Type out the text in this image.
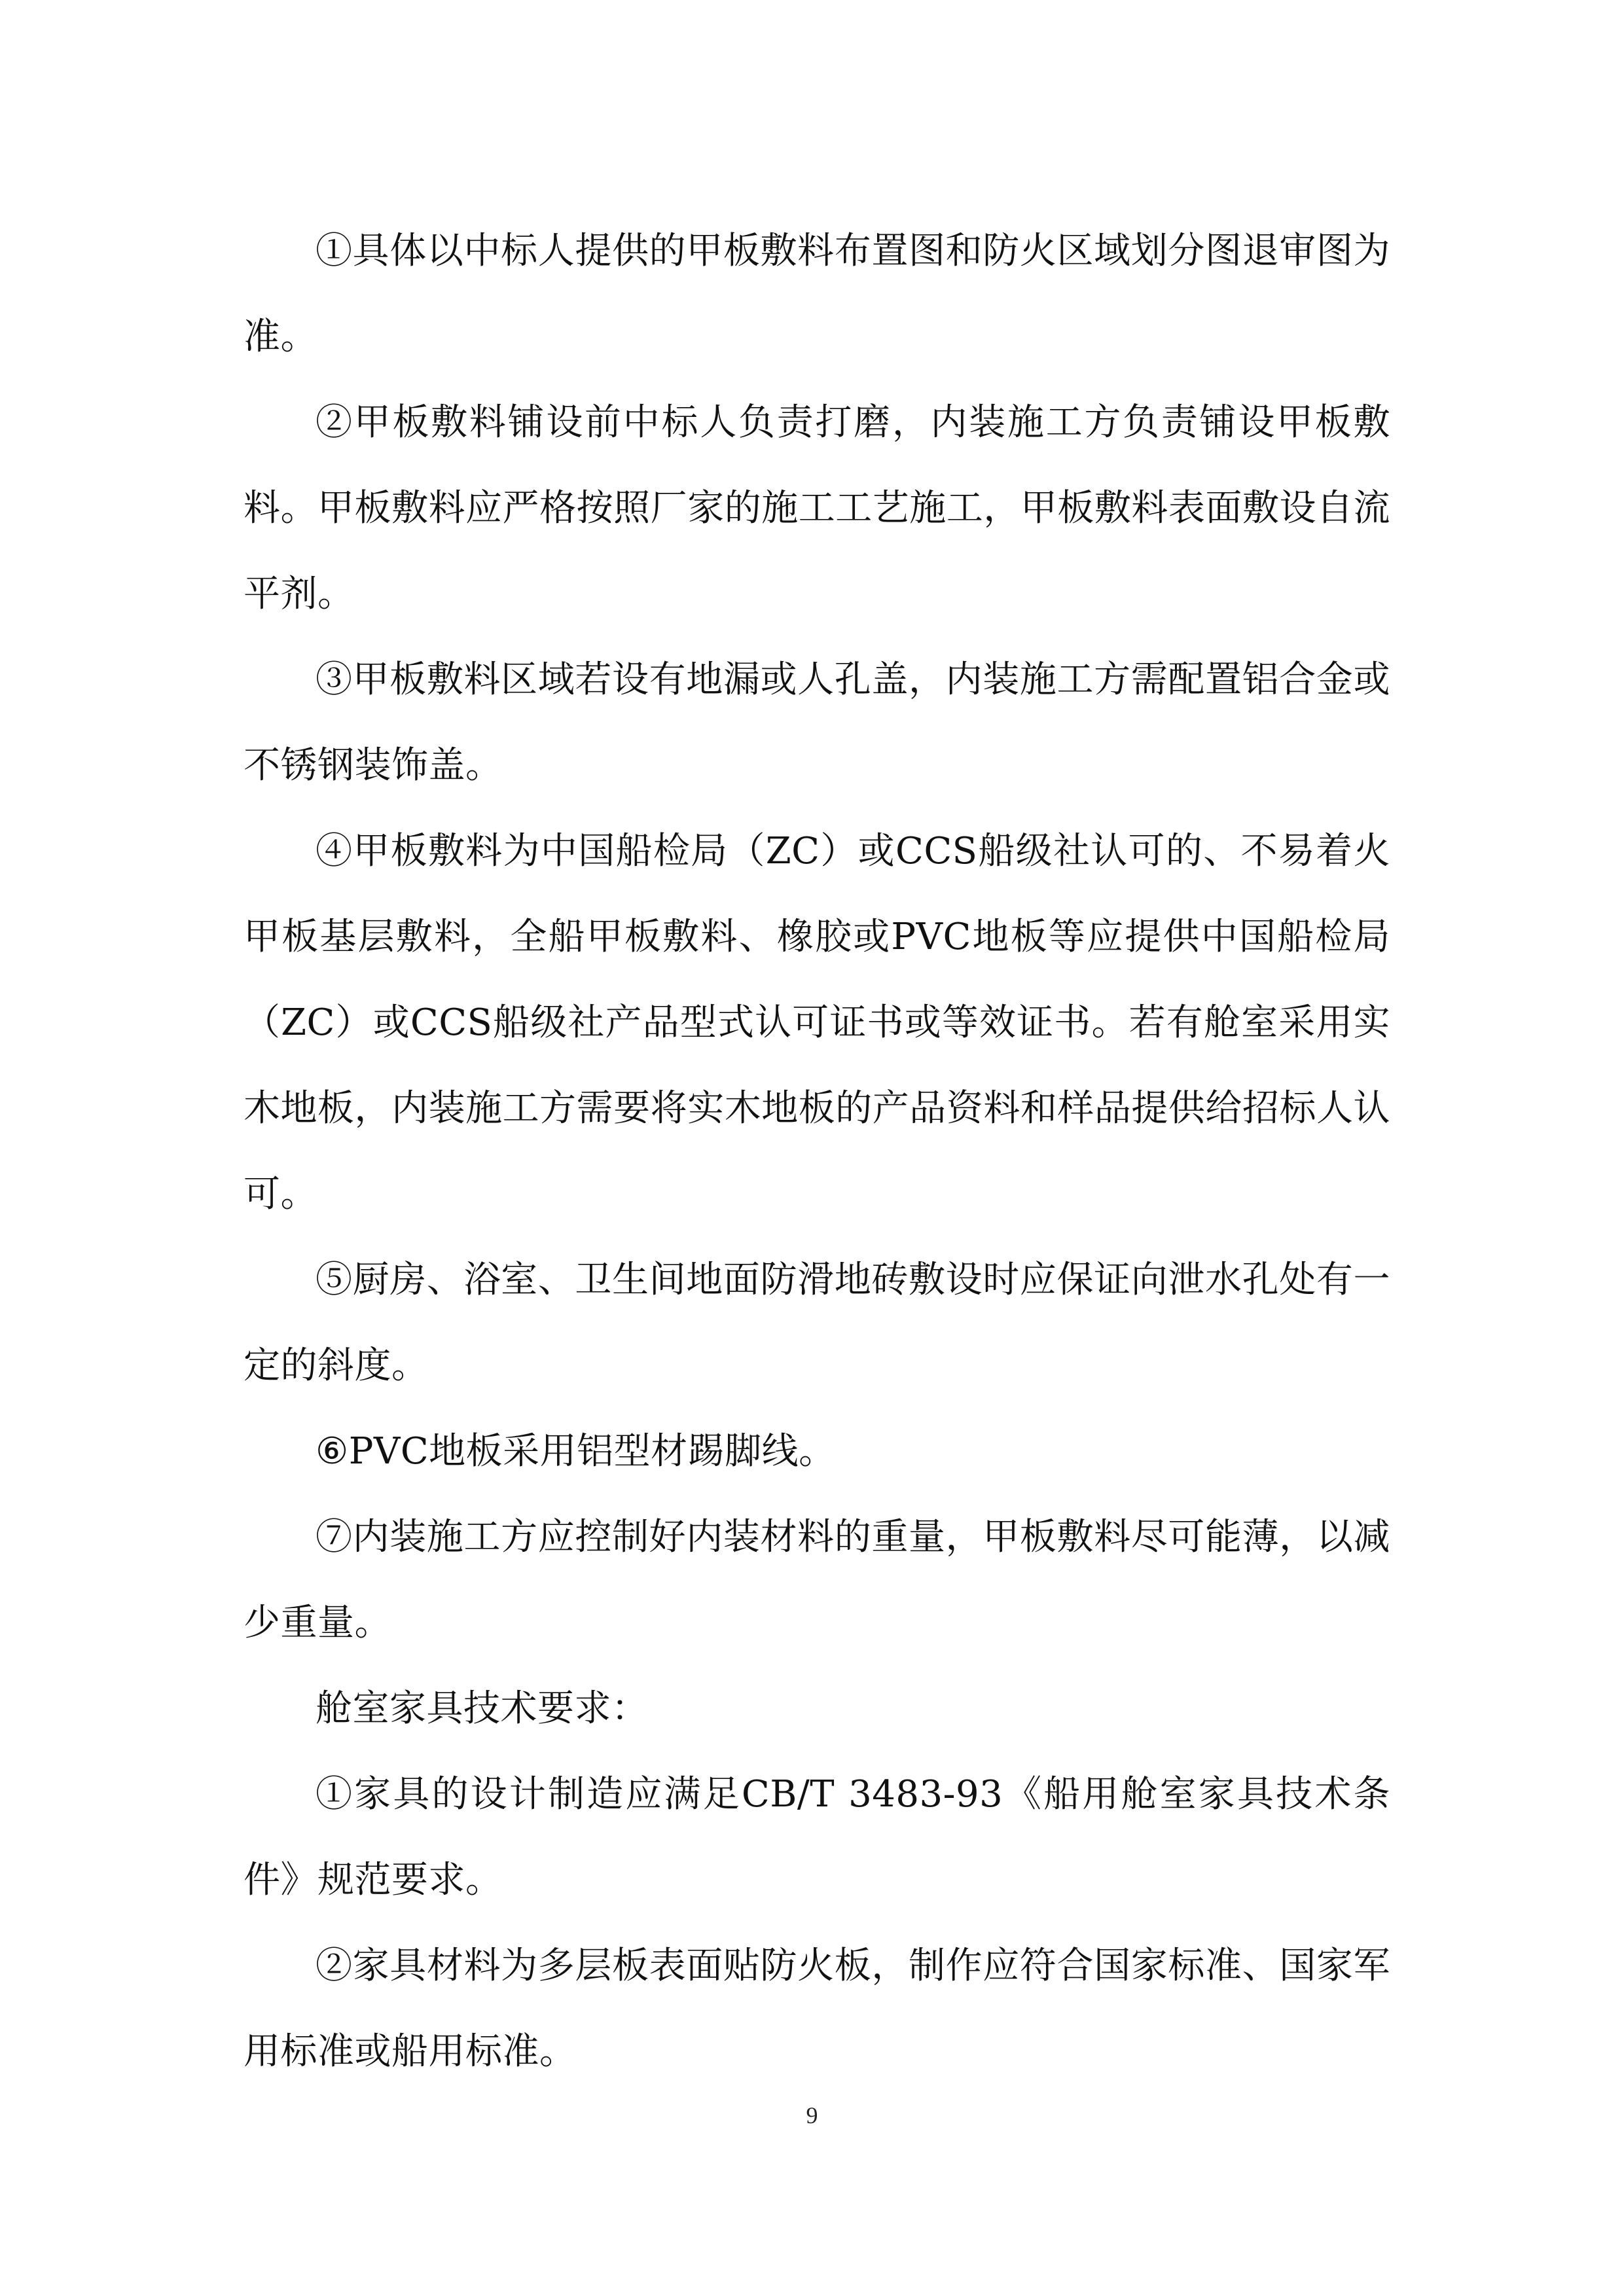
①具体以中标人提供的甲板敷料布置图和防火区域划分图退审图为准。

②甲板敷料铺设前中标人负责打磨，内装施工方负责铺设甲板敷料。甲板敷料应严格按照厂家的施工工艺施工，甲板敷料表面敷设自流平剂。

③甲板敷料区域若设有地漏或人孔盖，内装施工方需配置铝合金或不锈钢装饰盖。

④甲板敷料为中国船检局（ZC）或CCS船级社认可的、不易着火甲板基层敷料，全船甲板敷料、橡胶或PVC地板等应提供中国船检局（ZC）或CCS船级社产品型式认可证书或等效证书。若有舱室采用实木地板，内装施工方需要将实木地板的产品资料和样品提供给招标人认可。

⑤厨房、浴室、卫生间地面防滑地砖敷设时应保证向泄水孔处有一定的斜度。

⑥PVC地板采用铝型材踢脚线。

⑦内装施工方应控制好内装材料的重量，甲板敷料尽可能薄，以减少重量。

舱室家具技术要求：

①家具的设计制造应满足CB/T 3483-93《船用舱室家具技术条件》规范要求。

②家具材料为多层板表面贴防火板，制作应符合国家标准、国家军用标准或船用标准。

9
